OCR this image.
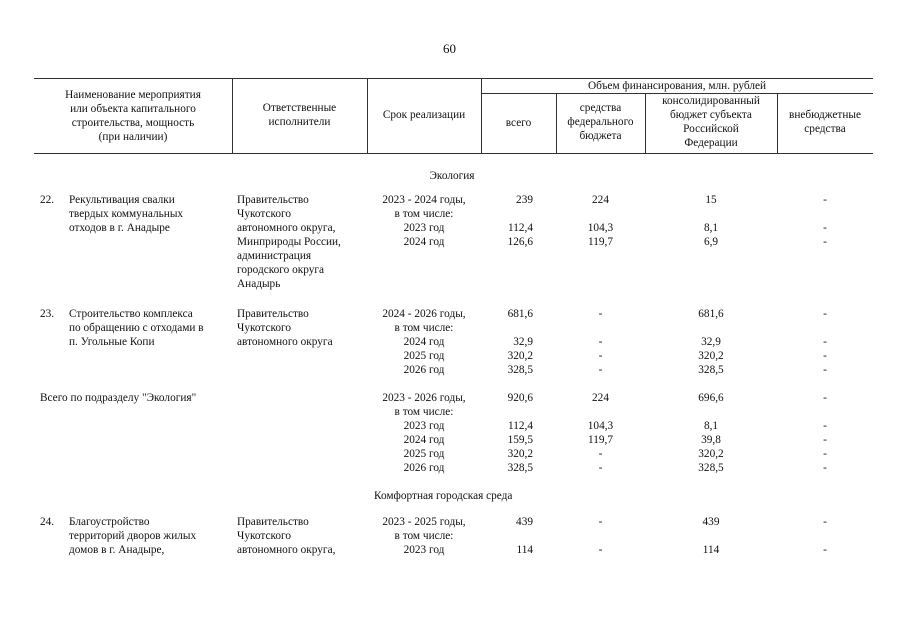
60
Наименование мероприятия
или объекта капитального
строительства, мощность
(при наличии)
Ответственные
исполнители
Срок реализации
Объем финансирования, млн. рублей
всего
средства
федерального
бюджета
консолидированный
бюджет субъекта
Российской
Федерации
внебюджетные
средства
Экология
22. Рекультивация свалки
твердых коммунальных
отходов в г. Анадыре
Правительство
Чукотского
автономного округа,
Минприроды России,
администрация
городского округа
Анадырь
2023 - 2024 годы,
в том числе:
2023 год
2024 год
239

112,4
126,6
224

104,3
119,7
15

8,1
6,9
-

-
-
23. Строительство комплекса
по обращению с отходами в
п. Угольные Копи
Правительство
Чукотского
автономного округа
2024 - 2026 годы,
в том числе:
2024 год
2025 год
2026 год
681,6

32,9
320,2
328,5
-

-
-
-
681,6

32,9
320,2
328,5
-

-
-
-
Всего по подразделу "Экология"	2023 - 2026 годы,
в том числе:
2023 год
2024 год
2025 год
2026 год
920,6

112,4
159,5
320,2
328,5
224

104,3
119,7
-
-
696,6

8,1
39,8
320,2
328,5
-

-
-
-
-
Комфортная городская среда
24. Благоустройство
территорий дворов жилых
домов в г. Анадыре,
Правительство
Чукотского
автономного округа,
2023 - 2025 годы,
в том числе:
2023 год
439

114
-

-
439

114
-

-
